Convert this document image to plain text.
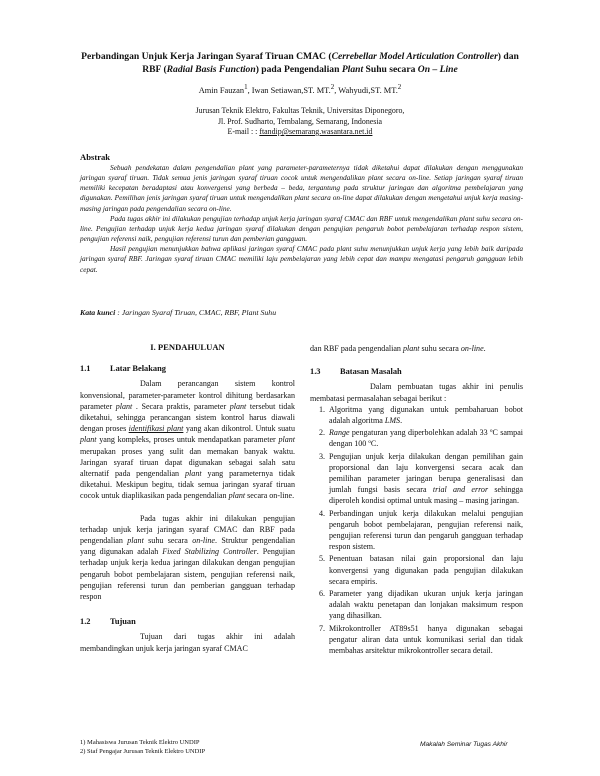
Perbandingan Unjuk Kerja Jaringan Syaraf Tiruan CMAC (Cerrebellar Model Articulation Controller) dan RBF (Radial Basis Function) pada Pengendalian Plant Suhu secara On – Line
Amin Fauzan$^1$, Iwan Setiawan,ST. MT.$^2$, Wahyudi,ST. MT.$^2$
Jurusan Teknik Elektro, Fakultas Teknik, Universitas Diponegoro,
Jl. Prof. Sudharto, Tembalang, Semarang, Indonesia
E-mail : : ftandip@semarang.wasantara.net.id
Abstrak

Sebuah pendekatan dalam pengendalian plant yang parameter-parameternya tidak diketahui dapat dilakukan dengan menggunakan jaringan syaraf tiruan. Tidak semua jenis jaringan syaraf tiruan cocok untuk mengendalikan plant secara on-line. Setiap jaringan syaraf tiruan memiliki kecepatan beradaptasi atau konvergensi yang berbeda – beda, tergantung pada struktur jaringan dan algoritma pembelajaran yang digunakan. Pemilihan jenis jaringan syaraf tiruan untuk mengendalikan plant secara on-line dapat dilakukan dengan mengetahui unjuk kerja masing-masing jaringan pada pengendalian secara on-line.

Pada tugas akhir ini dilakukan pengujian terhadap unjuk kerja jaringan syaraf CMAC dan RBF untuk mengendalikan plant suhu secara on-line. Pengujian terhadap unjuk kerja kedua jaringan syaraf dilakukan dengan pengujian pengaruh bobot pembelajaran terhadap respon sistem, pengujian referensi naik, pengujian referensi turun dan pemberian gangguan.

Hasil pengujian menunjukkan bahwa aplikasi jaringan syaraf CMAC pada plant suhu menunjukkan unjuk kerja yang lebih baik daripada jaringan syaraf RBF. Jaringan syaraf tiruan CMAC memiliki laju pembelajaran yang lebih cepat dan mampu mengatasi pengaruh gangguan lebih cepat.

Kata kunci : Jaringan Syaraf Tiruan, CMAC, RBF, Plant Suhu
I. PENDAHULUAN
1.1 Latar Belakang

Dalam perancangan sistem kontrol konvensional, parameter-parameter kontrol dihitung berdasarkan parameter plant . Secara praktis, parameter plant tersebut tidak diketahui, sehingga perancangan sistem kontrol harus diawali dengan proses identifikasi plant yang akan dikontrol. Untuk suatu plant yang kompleks, proses untuk mendapatkan parameter plant merupakan proses yang sulit dan memakan banyak waktu. Jaringan syaraf tiruan dapat digunakan sebagai salah satu alternatif pada pengendalian plant yang parameternya tidak diketahui. Meskipun begitu, tidak semua jaringan syaraf tiruan cocok untuk diaplikasikan pada pengendalian plant secara on-line.

Pada tugas akhir ini dilakukan pengujian terhadap unjuk kerja jaringan syaraf CMAC dan RBF pada pengendalian plant suhu secara on-line. Struktur pengendalian yang digunakan adalah Fixed Stabilizing Controller. Pengujian terhadap unjuk kerja kedua jaringan dilakukan dengan pengujian pengaruh bobot pembelajaran sistem, pengujian referensi naik, pengujian referensi turun dan pemberian gangguan terhadap respon

1.2 Tujuan

Tujuan dari tugas akhir ini adalah membandingkan unjuk kerja jaringan syaraf CMAC

dan RBF pada pengendalian plant suhu secara on-line.

1.3 Batasan Masalah

Dalam pembuatan tugas akhir ini penulis membatasi permasalahan sebagai berikut :

1. Algoritma yang digunakan untuk pembaharuan bobot adalah algoritma LMS.
2. Range pengaturan yang diperbolehkan adalah 33 ºC sampai dengan 100 ºC.
3. Pengujian unjuk kerja dilakukan dengan pemilihan gain proporsional dan laju konvergensi secara acak dan pemilihan parameter jaringan berupa generalisasi dan jumlah fungsi basis secara trial and error sehingga diperoleh kondisi optimal untuk masing – masing jaringan.
4. Perbandingan unjuk kerja dilakukan melalui pengujian pengaruh bobot pembelajaran, pengujian referensi naik, pengujian referensi turun dan pengaruh gangguan terhadap respon sistem.
5. Penentuan batasan nilai gain proporsional dan laju konvergensi yang digunakan pada pengujian dilakukan secara empiris.
6. Parameter yang dijadikan ukuran unjuk kerja jaringan adalah waktu penetapan dan lonjakan maksimum respon yang dihasilkan.
7. Mikrokontroller AT89s51 hanya digunakan sebagai pengatur aliran data untuk komunikasi serial dan tidak membahas arsitektur mikrokontroller secara detail.
1) Mahasiswa Jurusan Teknik Elektro UNDIP
2) Staf Pengajar Jurusan Teknik Elektro UNDIP
Makalah Seminar Tugas Akhir
